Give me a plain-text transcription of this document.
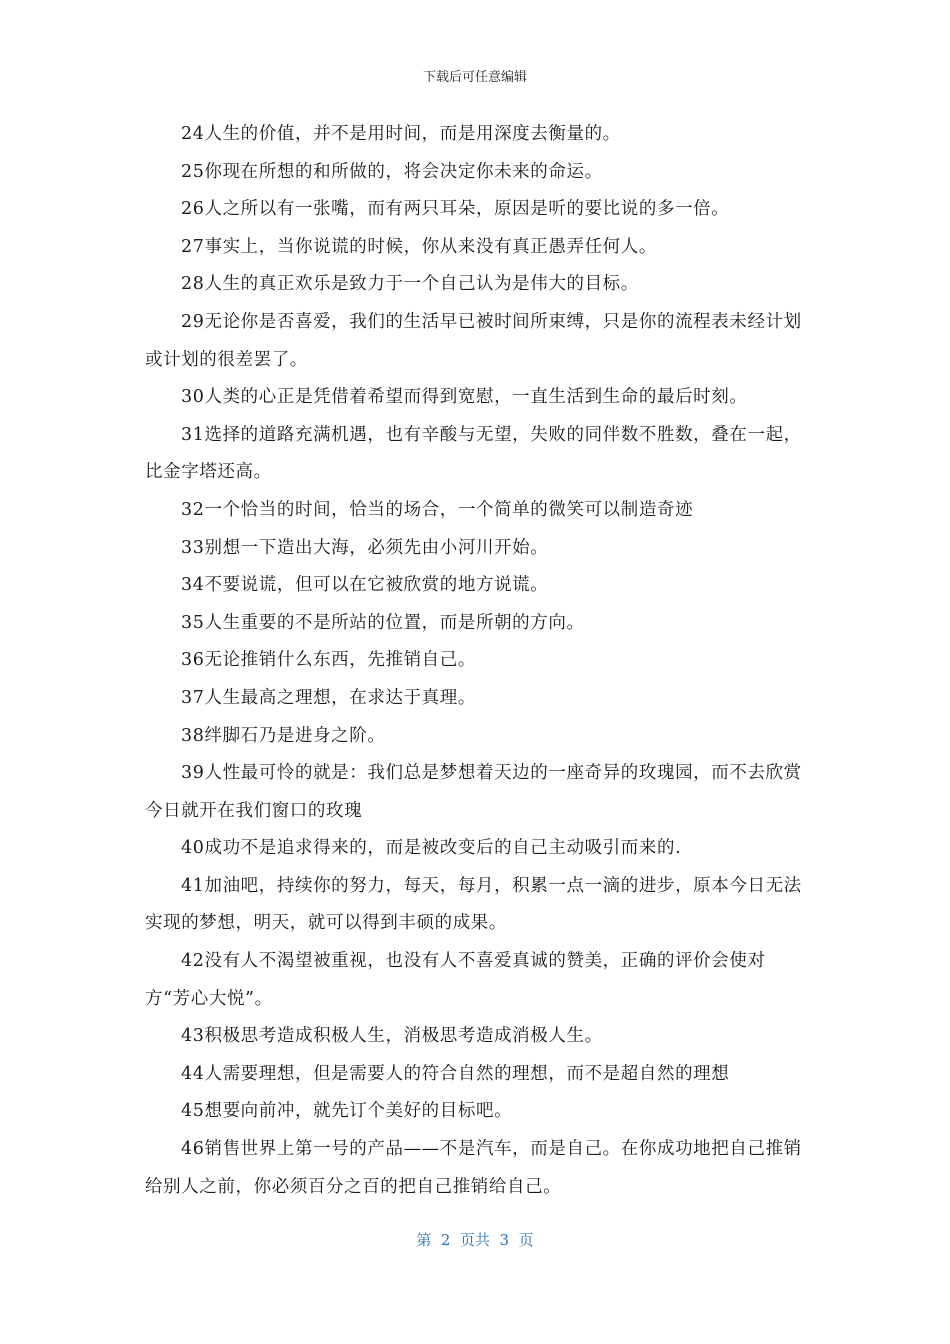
下载后可任意编辑

24人生的价值，并不是用时间，而是用深度去衡量的。

25你现在所想的和所做的，将会决定你未来的命运。

26人之所以有一张嘴，而有两只耳朵，原因是听的要比说的多一倍。

27事实上，当你说谎的时候，你从来没有真正愚弄任何人。

28人生的真正欢乐是致力于一个自己认为是伟大的目标。

29无论你是否喜爱，我们的生活早已被时间所束缚，只是你的流程表未经计划或计划的很差罢了。

30人类的心正是凭借着希望而得到宽慰，一直生活到生命的最后时刻。

31选择的道路充满机遇，也有辛酸与无望，失败的同伴数不胜数，叠在一起，比金字塔还高。

32一个恰当的时间，恰当的场合，一个简单的微笑可以制造奇迹

33别想一下造出大海，必须先由小河川开始。

34不要说谎，但可以在它被欣赏的地方说谎。

35人生重要的不是所站的位置，而是所朝的方向。

36无论推销什么东西，先推销自己。

37人生最高之理想，在求达于真理。

38绊脚石乃是进身之阶。

39人性最可怜的就是：我们总是梦想着天边的一座奇异的玫瑰园，而不去欣赏今日就开在我们窗口的玫瑰

40成功不是追求得来的，而是被改变后的自己主动吸引而来的.

41加油吧，持续你的努力，每天，每月，积累一点一滴的进步，原本今日无法实现的梦想，明天，就可以得到丰硕的成果。

42没有人不渴望被重视，也没有人不喜爱真诚的赞美，正确的评价会使对方“芳心大悦”。

43积极思考造成积极人生，消极思考造成消极人生。

44人需要理想，但是需要人的符合自然的理想，而不是超自然的理想

45想要向前冲，就先订个美好的目标吧。

46销售世界上第一号的产品——不是汽车，而是自己。在你成功地把自己推销给别人之前，你必须百分之百的把自己推销给自己。

第  2  页共  3  页
